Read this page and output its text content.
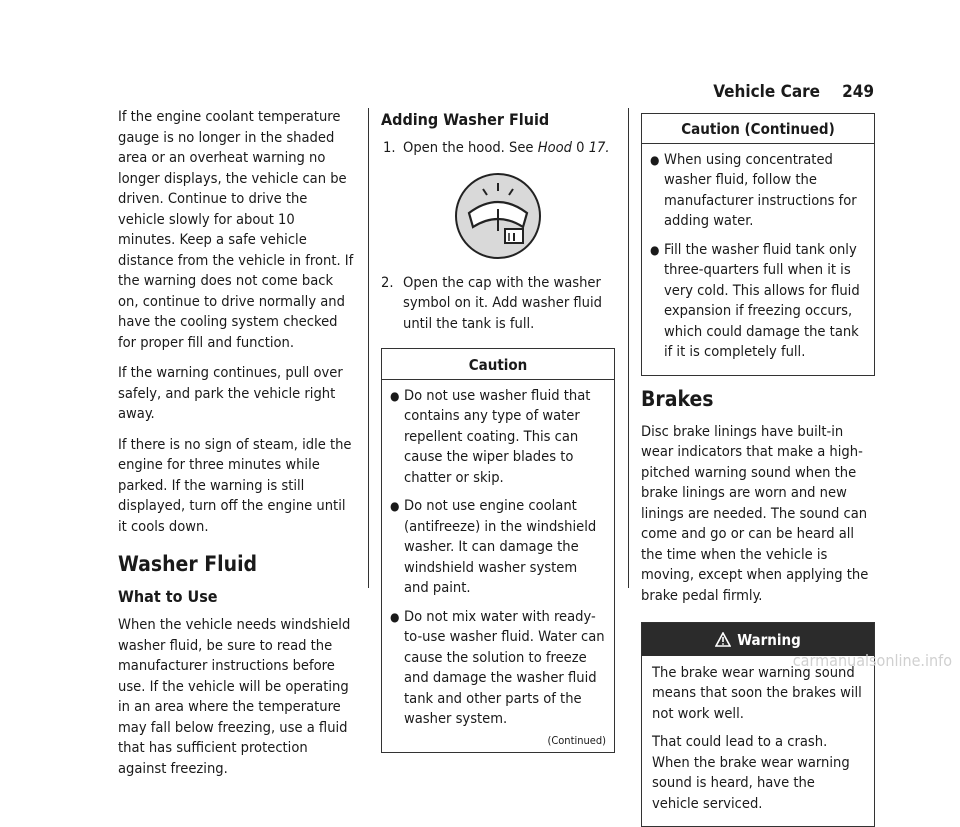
Vehicle Care 249

If the engine coolant temperature gauge is no longer in the shaded area or an overheat warning no longer displays, the vehicle can be driven. Continue to drive the vehicle slowly for about 10 minutes. Keep a safe vehicle distance from the vehicle in front. If the warning does not come back on, continue to drive normally and have the cooling system checked for proper fill and function.

If the warning continues, pull over safely, and park the vehicle right away.

If there is no sign of steam, idle the engine for three minutes while parked. If the warning is still displayed, turn off the engine until it cools down.

Washer Fluid
What to Use

When the vehicle needs windshield washer fluid, be sure to read the manufacturer instructions before use. If the vehicle will be operating in an area where the temperature may fall below freezing, use a fluid that has sufficient protection against freezing.

Adding Washer Fluid
1. Open the hood. See Hood 0 17.
2. Open the cap with the washer symbol on it. Add washer fluid until the tank is full.
Caution
● Do not use washer fluid that contains any type of water repellent coating. This can cause the wiper blades to chatter or skip.
● Do not use engine coolant (antifreeze) in the windshield washer. It can damage the windshield washer system and paint.
● Do not mix water with ready-to-use washer fluid. Water can cause the solution to freeze and damage the washer fluid tank and other parts of the washer system.
(Continued)
Caution (Continued)
● When using concentrated washer fluid, follow the manufacturer instructions for adding water.
● Fill the washer fluid tank only three-quarters full when it is very cold. This allows for fluid expansion if freezing occurs, which could damage the tank if it is completely full.
Brakes

Disc brake linings have built-in wear indicators that make a high-pitched warning sound when the brake linings are worn and new linings are needed. The sound can come and go or can be heard all the time when the vehicle is moving, except when applying the brake pedal firmly.

Warning

The brake wear warning sound means that soon the brakes will not work well.

That could lead to a crash. When the brake wear warning sound is heard, have the vehicle serviced.

carmanualsonline.info
